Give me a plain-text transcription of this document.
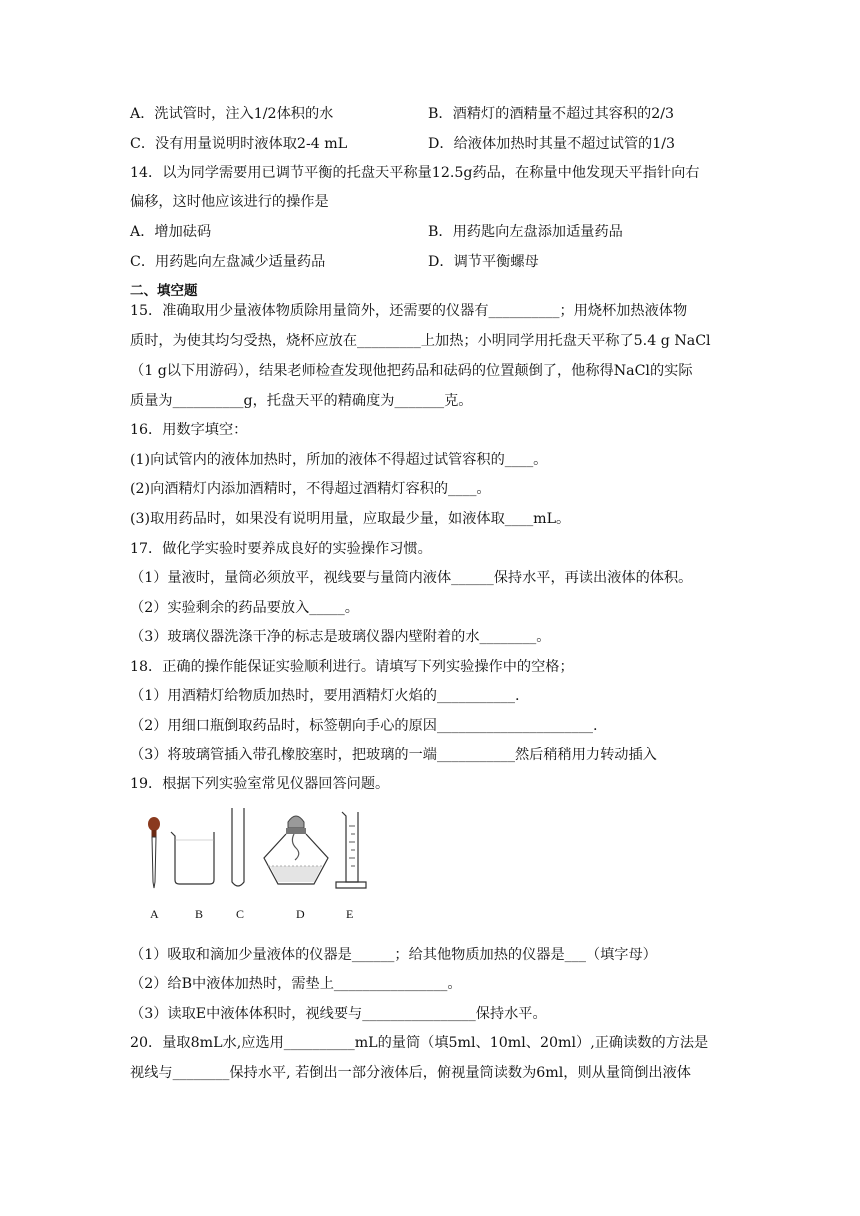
A．洗试管时，注入1/2体积的水	B．酒精灯的酒精量不超过其容积的2/3
C．没有用量说明时液体取2-4 mL	D．给液体加热时其量不超过试管的1/3
14．以为同学需要用已调节平衡的托盘天平称量12.5g药品，在称量中他发现天平指针向右
偏移，这时他应该进行的操作是
A．增加砝码	B．用药匙向左盘添加适量药品
C．用药匙向左盘减少适量药品	D．调节平衡螺母
二、填空题
15．准确取用少量液体物质除用量筒外，还需要的仪器有__________；用烧杯加热液体物
质时，为使其均匀受热，烧杯应放在_________上加热；小明同学用托盘天平称了5.4 g NaCl
（1 g以下用游码），结果老师检查发现他把药品和砝码的位置颠倒了，他称得NaCl的实际
质量为__________g，托盘天平的精确度为_______克。
16．用数字填空：
(1)向试管内的液体加热时，所加的液体不得超过试管容积的____。
(2)向酒精灯内添加酒精时，不得超过酒精灯容积的____。
(3)取用药品时，如果没有说明用量，应取最少量，如液体取____mL。
17．做化学实验时要养成良好的实验操作习惯。
（1）量液时，量筒必须放平，视线要与量筒内液体______保持水平，再读出液体的体积。
（2）实验剩余的药品要放入_____。
（3）玻璃仪器洗涤干净的标志是玻璃仪器内壁附着的水________。
18．正确的操作能保证实验顺利进行。请填写下列实验操作中的空格；
（1）用酒精灯给物质加热时，要用酒精灯火焰的___________.
（2）用细口瓶倒取药品时，标签朝向手心的原因______________________.
（3）将玻璃管插入带孔橡胶塞时，把玻璃的一端___________然后稍稍用力转动插入
19．根据下列实验室常见仪器回答问题。
A	B	C	D	E
（1）吸取和滴加少量液体的仪器是______；给其他物质加热的仪器是___（填字母）
（2）给B中液体加热时，需垫上________________。
（3）读取E中液体体积时，视线要与________________保持水平。
20．量取8mL水,应选用__________mL的量筒（填5ml、10ml、20ml）,正确读数的方法是
视线与________保持水平, 若倒出一部分液体后，俯视量筒读数为6ml，则从量筒倒出液体
